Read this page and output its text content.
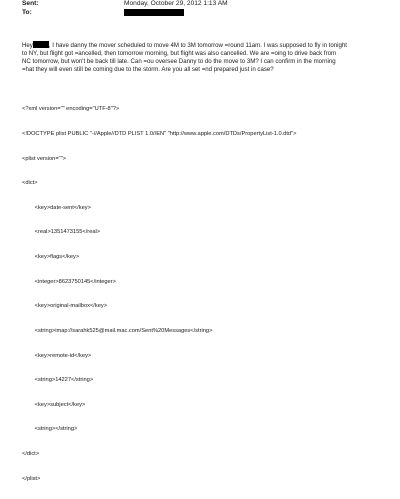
Sent:	Monday, October 29, 2012 1:13 AM
To:
Hey	, I have danny the mover scheduled to move 4M to 3M tomorrow =round 11am. I was supposed to fly in tonight
to NY, but flight got =ancelled, then tomorrow morning, but flight was also cancelled. We are =oing to drive back from
NC tomorrow, but won't be back till late. Can =ou oversee Danny to do the move to 3M? I can confirm in the morning
=hat they will even still be coming due to the storm. Are you all set =nd prepared just in case?

<?xml version="" encoding="UTF-8"?>

<!DOCTYPE plist PUBLIC "-//Apple//DTD PLIST 1.0//EN" "http://www.apple.com/DTDs/PropertyList-1.0.dtd">

<plist version="">

<dict>

<key>date-sent</key>

<real>1351473155</real>

<key>flags</key>

<integer>8623750145</integer>

<key>original-mailbox</key>

<string>imap://sarahk525@mail.mac.com/Sent%20Messages</string>

<key>remote-id</key>

<string>14227</string>

<key>subject</key>

<string></string>

</dict>

</plist>
